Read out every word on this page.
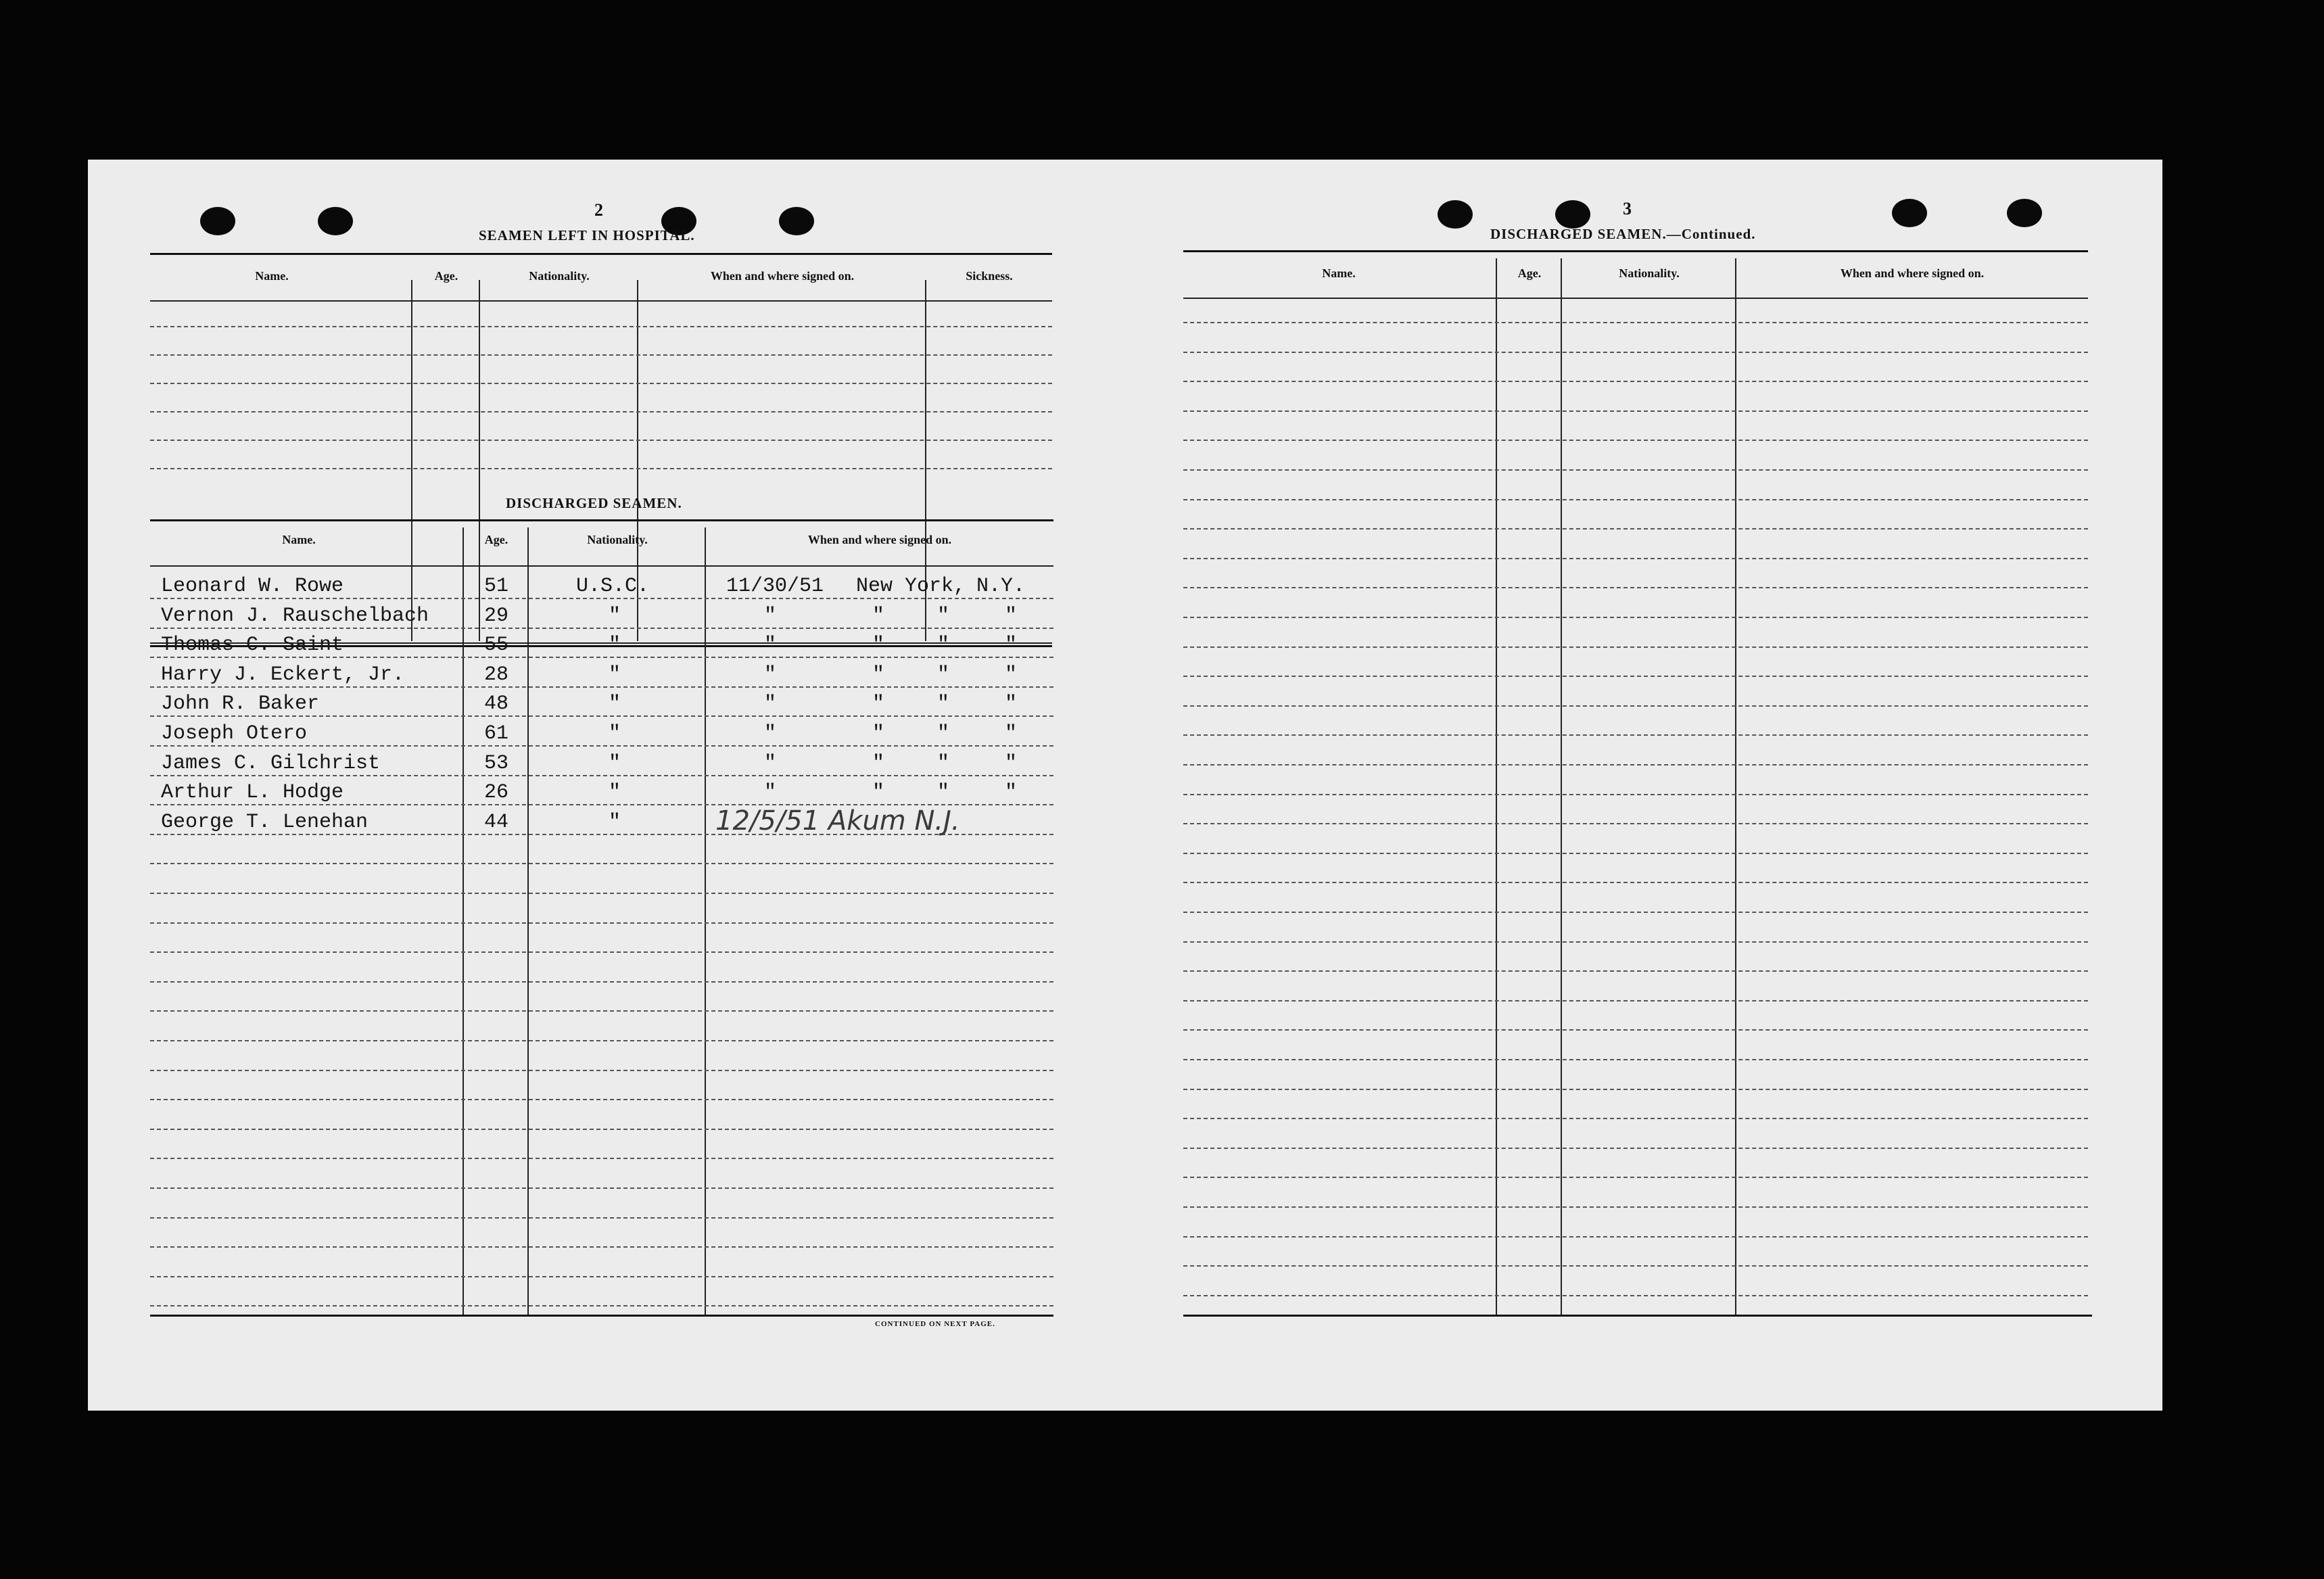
2
SEAMEN LEFT IN HOSPITAL.
Name.	Age.	Nationality.	When and where signed on.	Sickness.
DISCHARGED SEAMEN.
Name.	Age.	Nationality.	When and where signed on.
Leonard W. Rowe	51	U.S.C.	11/30/51 New York, N.Y.
Vernon J. Rauschelbach	29	"	"	"	"	"
Thomas C. Saint	55	"	"	"	"	"
Harry J. Eckert, Jr.	28	"	"	"	"	"
John R. Baker	48	"	"	"	"	"
Joseph Otero	61	"	"	"	"	"
James C. Gilchrist	53	"	"	"	"	"
Arthur L. Hodge	26	"	"	"	"	"
George T. Lenehan	44	"	12/5/51 Akum N.J.
CONTINUED ON NEXT PAGE.
3
DISCHARGED SEAMEN.—Continued.
Name.	Age.	Nationality.	When and where signed on.
